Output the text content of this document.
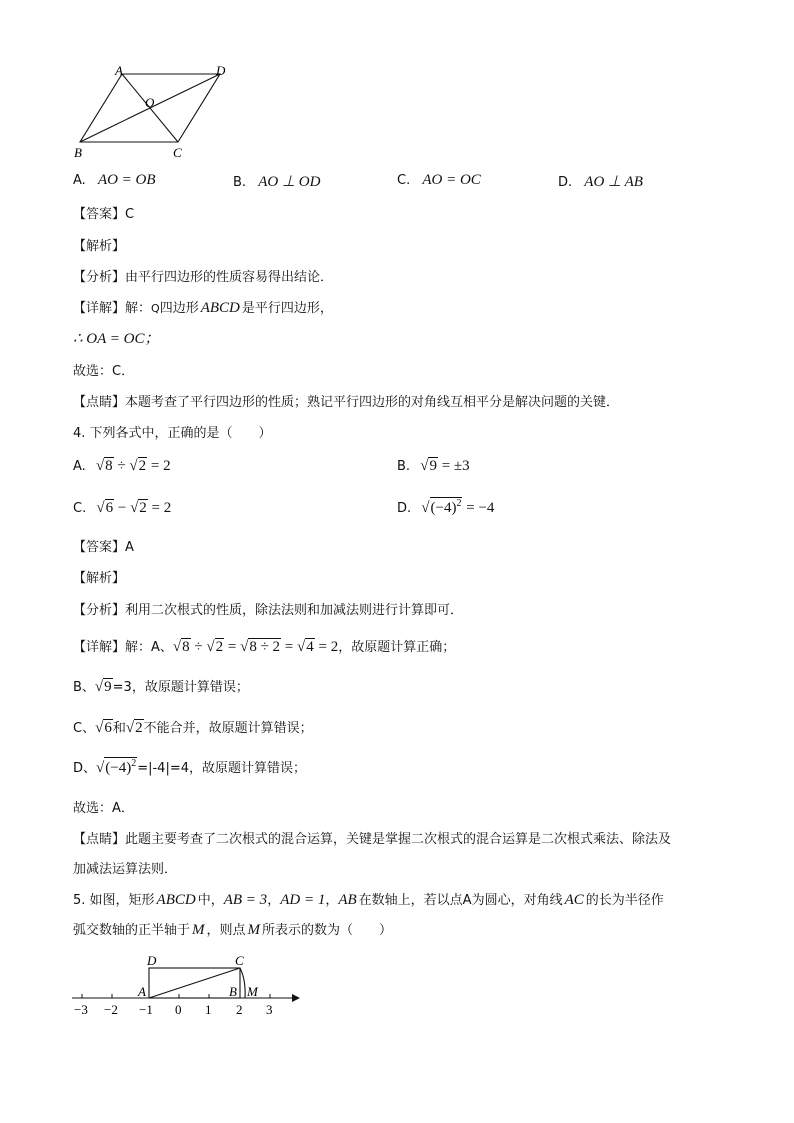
A	D
O
B	C
A. AO = OB	B. AO ⊥ OD	C. AO = OC	D. AO ⊥ AB
【答案】C
【解析】
【分析】由平行四边形的性质容易得出结论．
【详解】解：Q四边形 ABCD 是平行四边形，
∴ OA = OC；
故选：C．
【点睛】本题考查了平行四边形的性质；熟记平行四边形的对角线互相平分是解决问题的关键．
4. 下列各式中，正确的是（　　）
A. √8 ÷ √2 = 2	B. √9 = ±3
C. √6 − √2 = 2	D. $√(-4)^2 = -4$
【答案】A
【解析】
【分析】利用二次根式的性质，除法法则和加减法则进行计算即可．
【详解】解：A、√8 ÷ √2 = √8 ÷ 2 = √4 = 2，故原题计算正确；
B、√9=3，故原题计算错误；
C、√6和√2不能合并，故原题计算错误；
D、$√(-4)^2=|-4|=4$，故原题计算错误；
故选：A．
【点睛】此题主要考查了二次根式的混合运算，关键是掌握二次根式的混合运算是二次根式乘法、除法及
加减法运算法则．
5. 如图，矩形 ABCD 中，AB = 3，AD = 1，AB 在数轴上，若以点A为圆心，对角线 AC 的长为半径作
弧交数轴的正半轴于 M ，则点 M 所表示的数为（　　）
D	C
A	B M
−3 −2 −1 0 1 2 3
